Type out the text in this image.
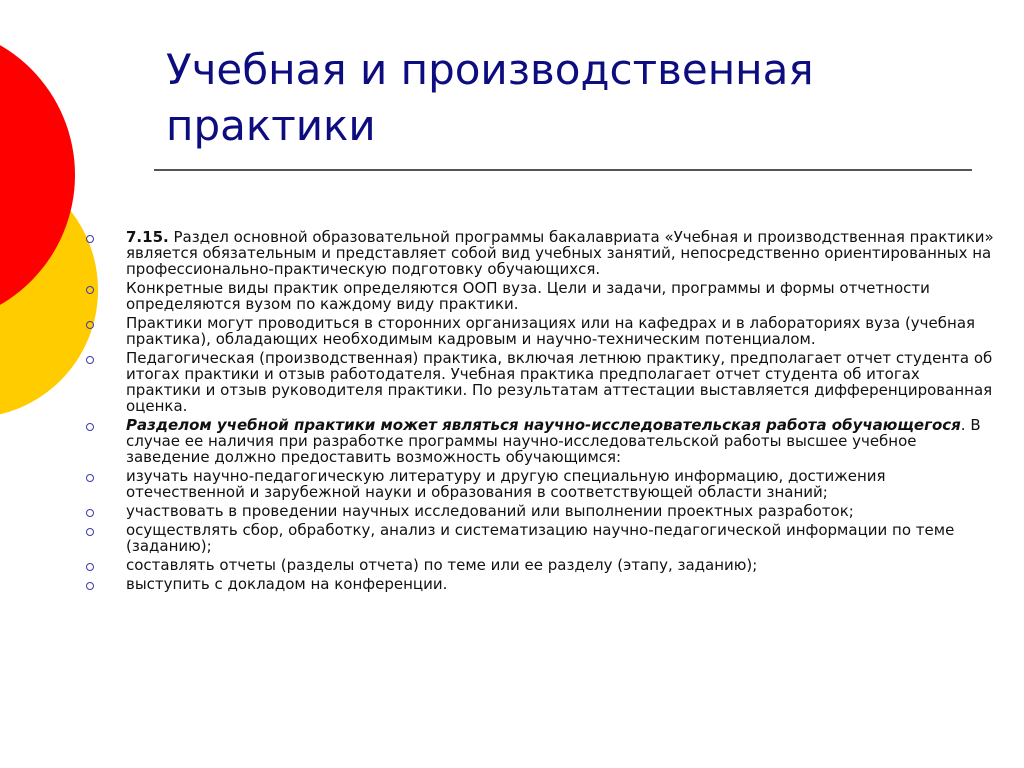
Учебная и производственная
практики
7.15. Раздел основной образовательной программы бакалавриата «Учебная и производственная практики» является обязательным и представляет собой вид учебных занятий, непосредственно ориентированных на профессионально-практическую подготовку обучающихся.
Конкретные виды практик определяются ООП вуза. Цели и задачи, программы и формы отчетности определяются вузом по каждому виду практики.
Практики могут проводиться в сторонних организациях или на кафедрах и в лабораториях вуза (учебная практика), обладающих необходимым кадровым и научно-техническим потенциалом.
Педагогическая (производственная) практика, включая летнюю практику, предполагает отчет студента об итогах практики и отзыв работодателя. Учебная практика предполагает отчет студента об итогах практики и отзыв руководителя практики. По результатам аттестации выставляется дифференцированная оценка.
Разделом учебной практики может являться научно-исследовательская работа обучающегося. В случае ее наличия при разработке программы научно-исследовательской работы высшее учебное заведение должно предоставить возможность обучающимся:
изучать научно-педагогическую литературу и другую специальную информацию, достижения отечественной и зарубежной науки и образования в соответствующей области знаний;
участвовать в проведении научных исследований или выполнении проектных разработок;
осуществлять сбор, обработку, анализ и систематизацию научно-педагогической информации по теме (заданию);
составлять отчеты (разделы отчета) по теме или ее разделу (этапу, заданию);
выступить с докладом на конференции.
